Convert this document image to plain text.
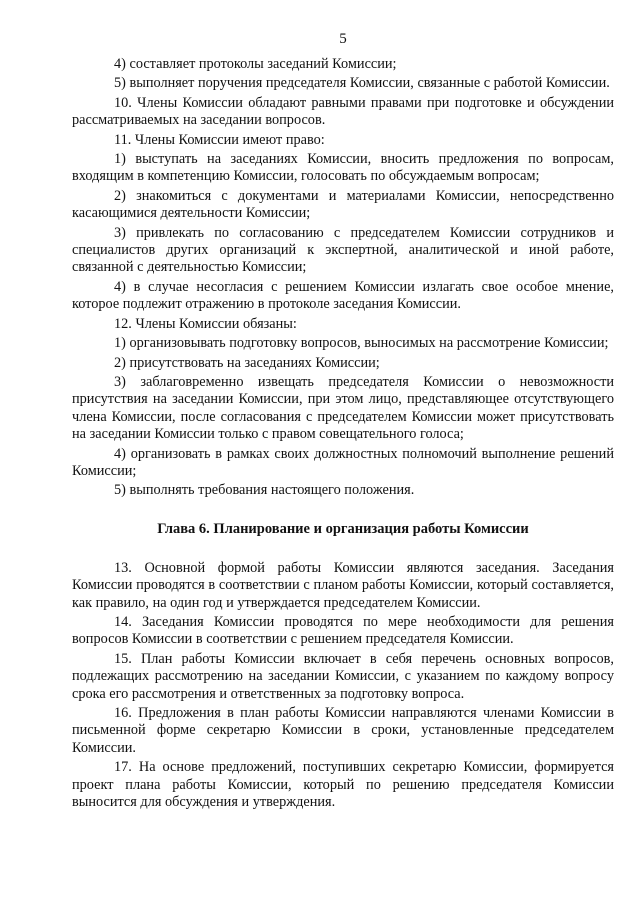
5

4) составляет протоколы заседаний Комиссии;

5) выполняет поручения председателя Комиссии, связанные с работой Комиссии.

10. Члены Комиссии обладают равными правами при подготовке и обсуждении рассматриваемых на заседании вопросов.

11. Члены Комиссии имеют право:

1) выступать на заседаниях Комиссии, вносить предложения по вопросам, входящим в компетенцию Комиссии, голосовать по обсуждаемым вопросам;

2) знакомиться с документами и материалами Комиссии, непосредственно касающимися деятельности Комиссии;

3) привлекать по согласованию с председателем Комиссии сотрудников и специалистов других организаций к экспертной, аналитической и иной работе, связанной с деятельностью Комиссии;

4) в случае несогласия с решением Комиссии излагать свое особое мнение, которое подлежит отражению в протоколе заседания Комиссии.

12. Члены Комиссии обязаны:

1) организовывать подготовку вопросов, выносимых на рассмотрение Комиссии;

2) присутствовать на заседаниях Комиссии;

3) заблаговременно извещать председателя Комиссии о невозможности присутствия на заседании Комиссии, при этом лицо, представляющее отсутствующего члена Комиссии, после согласования с председателем Комиссии может присутствовать на заседании Комиссии только с правом совещательного голоса;

4) организовать в рамках своих должностных полномочий выполнение решений Комиссии;

5) выполнять требования настоящего положения.

Глава 6. Планирование и организация работы Комиссии

13. Основной формой работы Комиссии являются заседания. Заседания Комиссии проводятся в соответствии с планом работы Комиссии, который составляется, как правило, на один год и утверждается председателем Комиссии.

14. Заседания Комиссии проводятся по мере необходимости для решения вопросов Комиссии в соответствии с решением председателя Комиссии.

15. План работы Комиссии включает в себя перечень основных вопросов, подлежащих рассмотрению на заседании Комиссии, с указанием по каждому вопросу срока его рассмотрения и ответственных за подготовку вопроса.

16. Предложения в план работы Комиссии направляются членами Комиссии в письменной форме секретарю Комиссии в сроки, установленные председателем Комиссии.

17. На основе предложений, поступивших секретарю Комиссии, формируется проект плана работы Комиссии, который по решению председателя Комиссии выносится для обсуждения и утверждения.
